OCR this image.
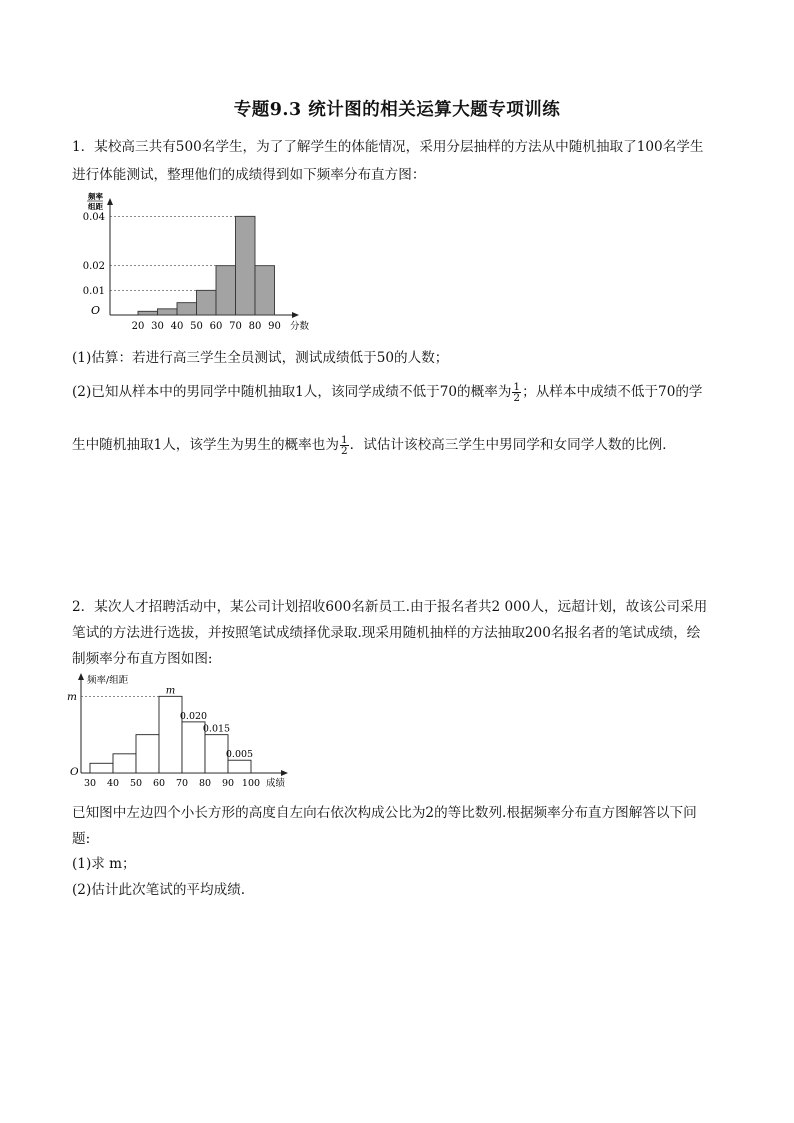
专题9.3 统计图的相关运算大题专项训练
1．某校高三共有500名学生，为了了解学生的体能情况，采用分层抽样的方法从中随机抽取了100名学生
进行体能测试，整理他们的成绩得到如下频率分布直方图：
频率
组距
0.04
0.02
0.01
20 30 40 50 60 70 80 90
O
分数
(1)估算：若进行高三学生全员测试，测试成绩低于50的人数；
(2)已知从样本中的男同学中随机抽取1人，该同学成绩不低于70的概率为 $\frac{1}{2}$ ；从样本中成绩不低于70的学
生中随机抽取1人，该学生为男生的概率也为 $\frac{1}{2}$ ．试估计该校高三学生中男同学和女同学人数的比例．
2．某次人才招聘活动中，某公司计划招收600名新员工.由于报名者共2 000人，远超计划，故该公司采用
笔试的方法进行选拔，并按照笔试成绩择优录取.现采用随机抽样的方法抽取200名报名者的笔试成绩，绘
制频率分布直方图如图:
频率/组距
m
0.020
0.015
0.005
m
30 40 50 60 70 80 90 100
O
成绩
已知图中左边四个小长方形的高度自左向右依次构成公比为2的等比数列.根据频率分布直方图解答以下问
题:
(1)求 m；
(2)估计此次笔试的平均成绩.
